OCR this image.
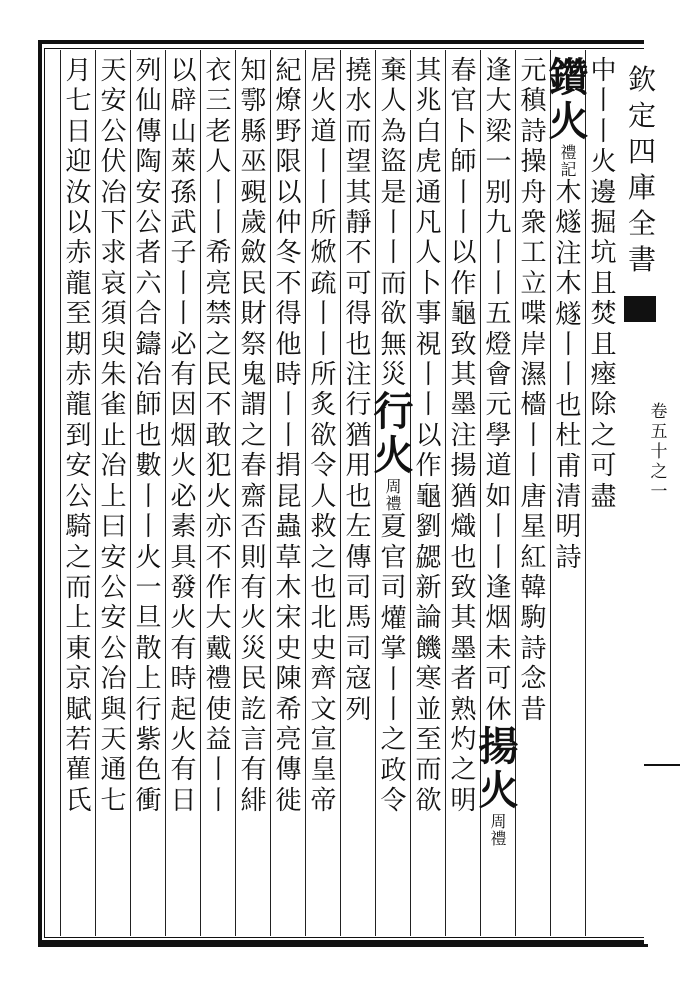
欽
定
四
庫
全
書
卷
五
十
之
一
中
丨
丨
火
邊
掘
坑
且
焚
且
瘞
除
之
可
盡
鑽
火
禮
記
木
燧
注
木
燧
丨
丨
也
杜
甫
清
明
詩
元
稹
詩
操
舟
衆
工
立
喋
岸
濕
檣
丨
丨
唐
星
紅
韓
駒
詩
念
昔
逢
大
梁
一
别
九
丨
丨
五
燈
會
元
學
道
如
丨
丨
逢
烟
未
可
休
揚
火
周
禮
春
官
卜
師
丨
丨
以
作
龜
致
其
墨
注
揚
猶
熾
也
致
其
墨
者
熟
灼
之
明
其
兆
白
虎
通
凡
人
卜
事
視
丨
丨
以
作
龜
劉
勰
新
論
饑
寒
並
至
而
欲
棄
人
為
盜
是
丨
丨
而
欲
無
災
行
火
周
禮
夏
官
司
爟
掌
丨
丨
之
政
令
撓
水
而
望
其
靜
不
可
得
也
注
行
猶
用
也
左
傳
司
馬
司
寇
列
居
火
道
丨
丨
所
焮
疏
丨
丨
所
炙
欲
令
人
救
之
也
北
史
齊
文
宣
皇
帝
紀
燎
野
限
以
仲
冬
不
得
他
時
丨
丨
捐
昆
蟲
草
木
宋
史
陳
希
亮
傳
徙
知
鄠
縣
巫
覡
歲
斂
民
財
祭
鬼
謂
之
春
齋
否
則
有
火
災
民
訖
言
有
緋
衣
三
老
人
丨
丨
希
亮
禁
之
民
不
敢
犯
火
亦
不
作
大
戴
禮
使
益
丨
丨
以
辟
山
萊
孫
武
子
丨
丨
必
有
因
烟
火
必
素
具
發
火
有
時
起
火
有
日
列
仙
傳
陶
安
公
者
六
合
鑄
冶
師
也
數
丨
丨
火
一
旦
散
上
行
紫
色
衝
天
安
公
伏
冶
下
求
哀
須
臾
朱
雀
止
冶
上
曰
安
公
安
公
冶
與
天
通
七
月
七
日
迎
汝
以
赤
龍
至
期
赤
龍
到
安
公
騎
之
而
上
東
京
賦
若
雚
氏
